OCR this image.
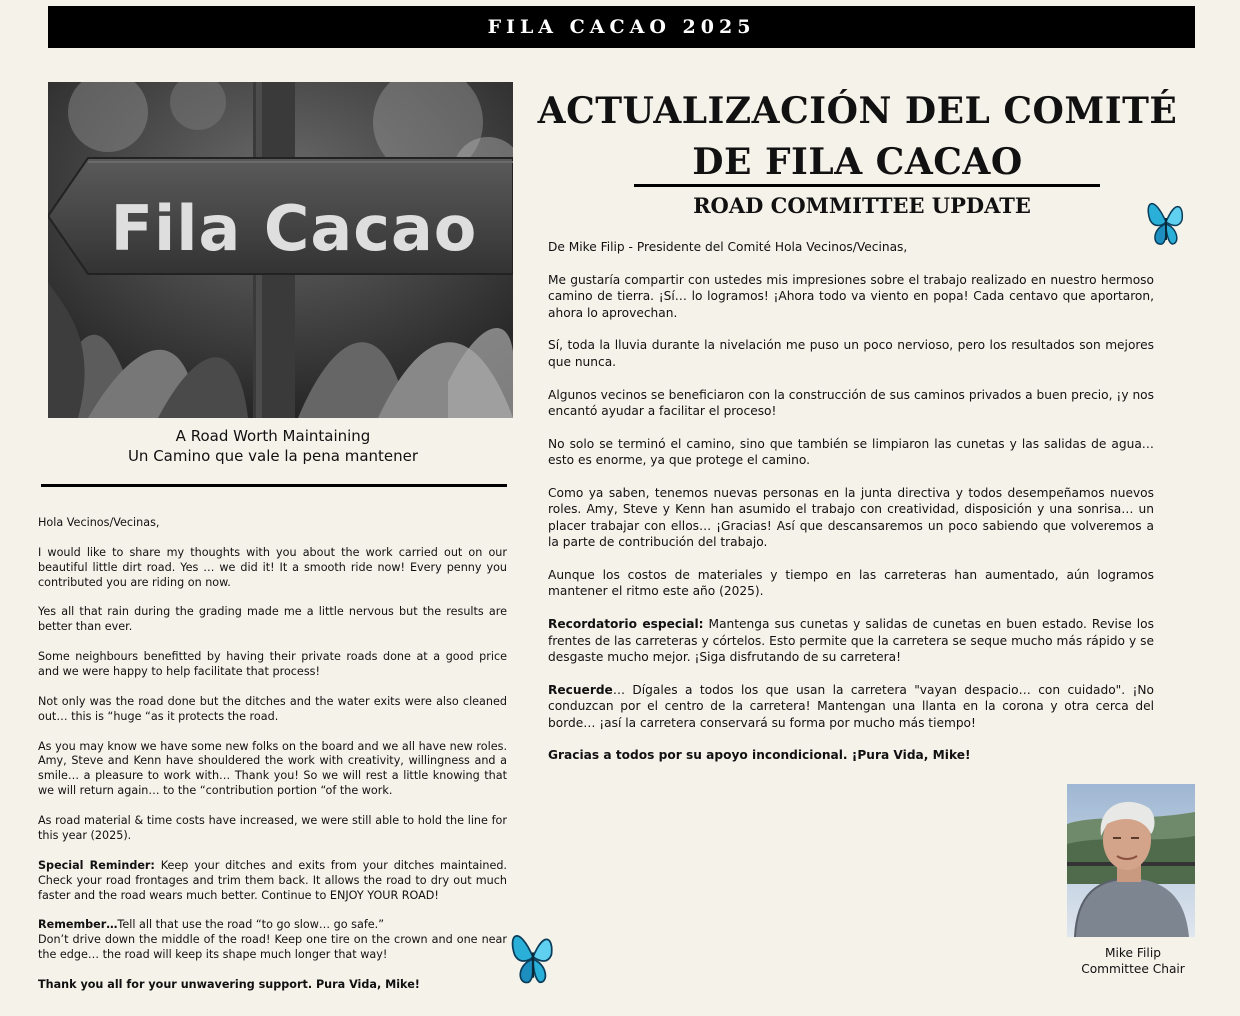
FILA CACAO 2025
Fila Cacao
A Road Worth Maintaining
Un Camino que vale la pena mantener

Hola Vecinos/Vecinas,

I would like to share my thoughts with you about the work carried out on our beautiful little dirt road. Yes … we did it! It a smooth ride now! Every penny you contributed you are riding on now.

Yes all that rain during the grading made me a little nervous but the results are better than ever.

Some neighbours benefitted by having their private roads done at a good price and we were happy to help facilitate that process!

Not only was the road done but the ditches and the water exits were also cleaned out… this is “huge “as it protects the road.

As you may know we have some new folks on the board and we all have new roles. Amy, Steve and Kenn have shouldered the work with creativity, willingness and a smile… a pleasure to work with… Thank you! So we will rest a little knowing that we will return again… to the “contribution portion “of the work.

As road material & time costs have increased, we were still able to hold the line for this year (2025).

Special Reminder: Keep your ditches and exits from your ditches maintained. Check your road frontages and trim them back. It allows the road to dry out much faster and the road wears much better. Continue to ENJOY YOUR ROAD!

Remember…Tell all that use the road “to go slow… go safe.”
Don’t drive down the middle of the road! Keep one tire on the crown and one near the edge… the road will keep its shape much longer that way!

Thank you all for your unwavering support. Pura Vida, Mike!

ACTUALIZACIÓN DEL COMITÉ DE FILA CACAO
ROAD COMMITTEE UPDATE

De Mike Filip - Presidente del Comité Hola Vecinos/Vecinas,

Me gustaría compartir con ustedes mis impresiones sobre el trabajo realizado en nuestro hermoso camino de tierra. ¡Sí… lo logramos! ¡Ahora todo va viento en popa! Cada centavo que aportaron, ahora lo aprovechan.

Sí, toda la lluvia durante la nivelación me puso un poco nervioso, pero los resultados son mejores que nunca.

Algunos vecinos se beneficiaron con la construcción de sus caminos privados a buen precio, ¡y nos encantó ayudar a facilitar el proceso!

No solo se terminó el camino, sino que también se limpiaron las cunetas y las salidas de agua… esto es enorme, ya que protege el camino.

Como ya saben, tenemos nuevas personas en la junta directiva y todos desempeñamos nuevos roles. Amy, Steve y Kenn han asumido el trabajo con creatividad, disposición y una sonrisa… un placer trabajar con ellos… ¡Gracias! Así que descansaremos un poco sabiendo que volveremos a la parte de contribución del trabajo.

Aunque los costos de materiales y tiempo en las carreteras han aumentado, aún logramos mantener el ritmo este año (2025).

Recordatorio especial: Mantenga sus cunetas y salidas de cunetas en buen estado. Revise los frentes de las carreteras y córtelos. Esto permite que la carretera se seque mucho más rápido y se desgaste mucho mejor. ¡Siga disfrutando de su carretera!

Recuerde… Dígales a todos los que usan la carretera "vayan despacio… con cuidado". ¡No conduzcan por el centro de la carretera! Mantengan una llanta en la corona y otra cerca del borde… ¡así la carretera conservará su forma por mucho más tiempo!

Gracias a todos por su apoyo incondicional. ¡Pura Vida, Mike!

Mike Filip
Committee Chair
